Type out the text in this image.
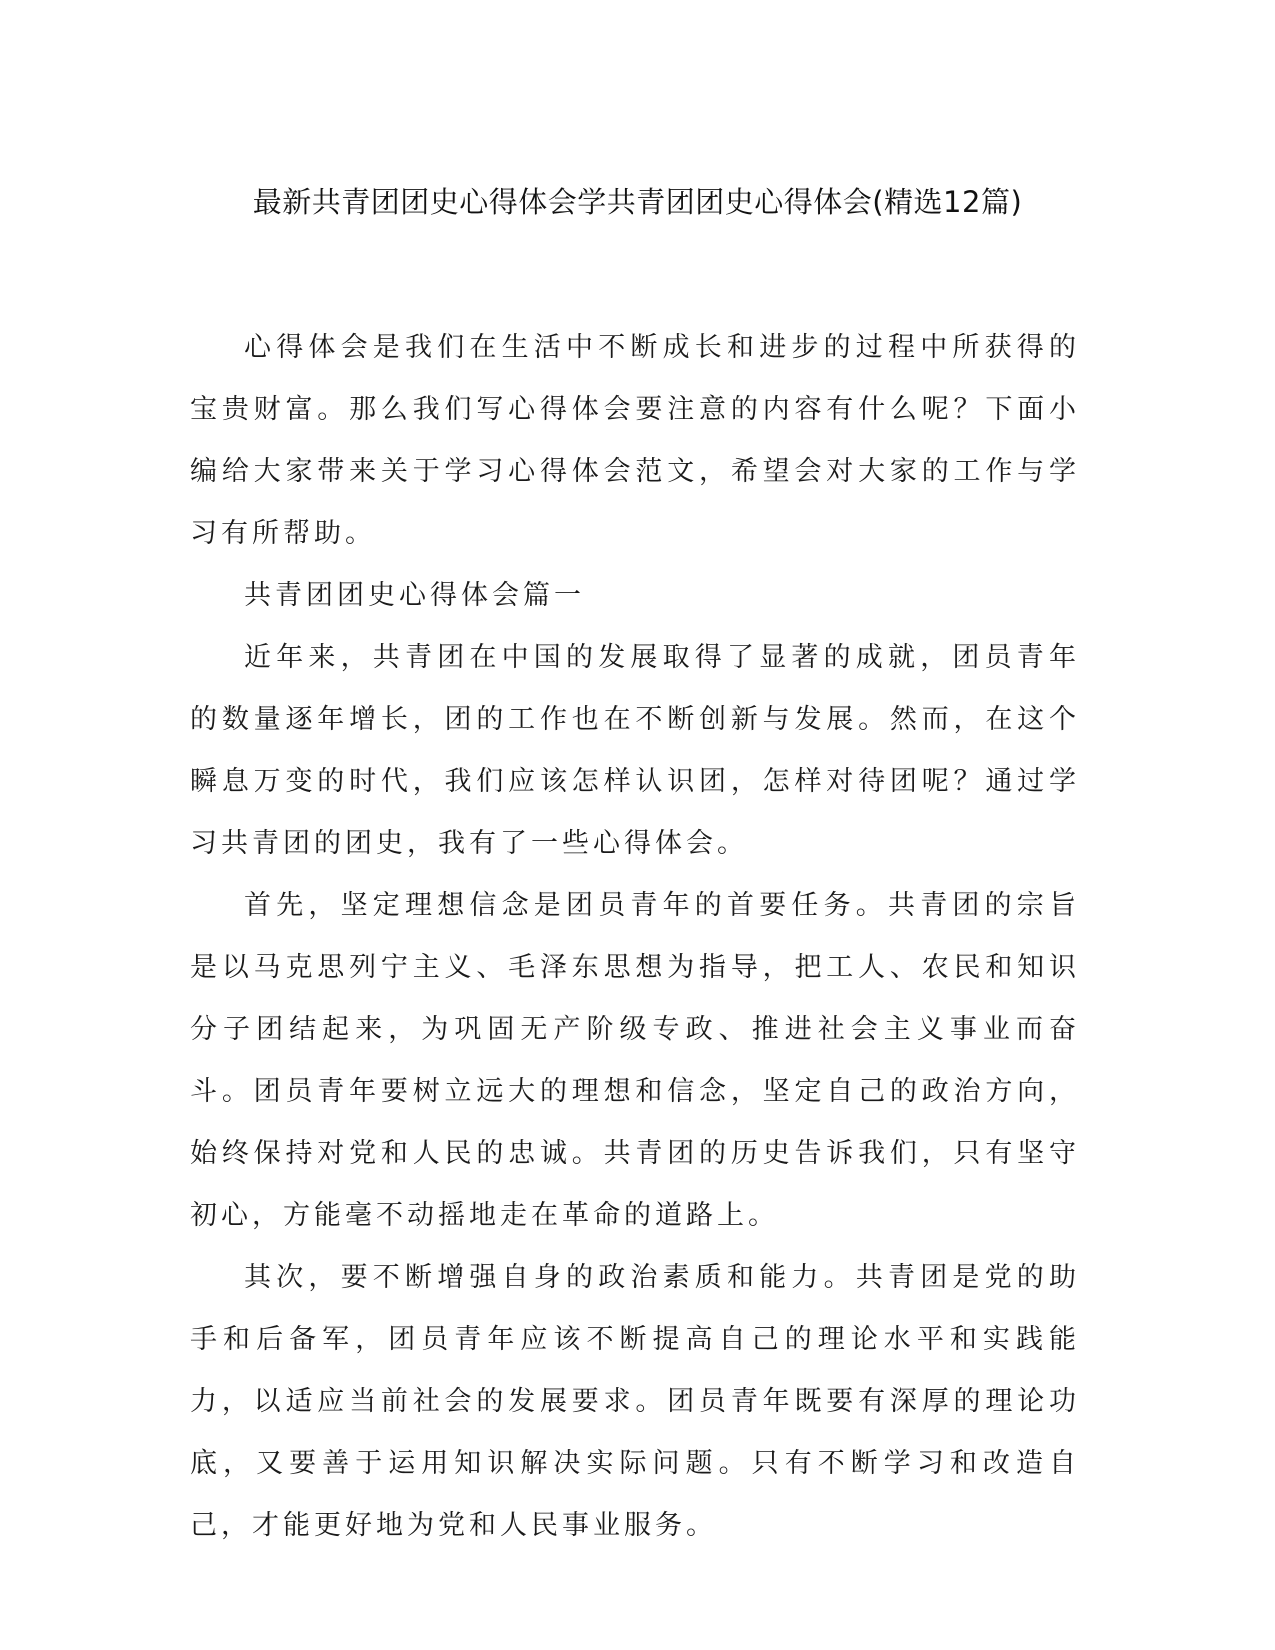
最新共青团团史心得体会学共青团团史心得体会(精选12篇)

心得体会是我们在生活中不断成长和进步的过程中所获得的宝贵财富。那么我们写心得体会要注意的内容有什么呢？下面小编给大家带来关于学习心得体会范文，希望会对大家的工作与学习有所帮助。

共青团团史心得体会篇一

近年来，共青团在中国的发展取得了显著的成就，团员青年的数量逐年增长，团的工作也在不断创新与发展。然而，在这个瞬息万变的时代，我们应该怎样认识团，怎样对待团呢？通过学习共青团的团史，我有了一些心得体会。

首先，坚定理想信念是团员青年的首要任务。共青团的宗旨是以马克思列宁主义、毛泽东思想为指导，把工人、农民和知识分子团结起来，为巩固无产阶级专政、推进社会主义事业而奋斗。团员青年要树立远大的理想和信念，坚定自己的政治方向，始终保持对党和人民的忠诚。共青团的历史告诉我们，只有坚守初心，方能毫不动摇地走在革命的道路上。

其次，要不断增强自身的政治素质和能力。共青团是党的助手和后备军，团员青年应该不断提高自己的理论水平和实践能力，以适应当前社会的发展要求。团员青年既要有深厚的理论功底，又要善于运用知识解决实际问题。只有不断学习和改造自己，才能更好地为党和人民事业服务。
